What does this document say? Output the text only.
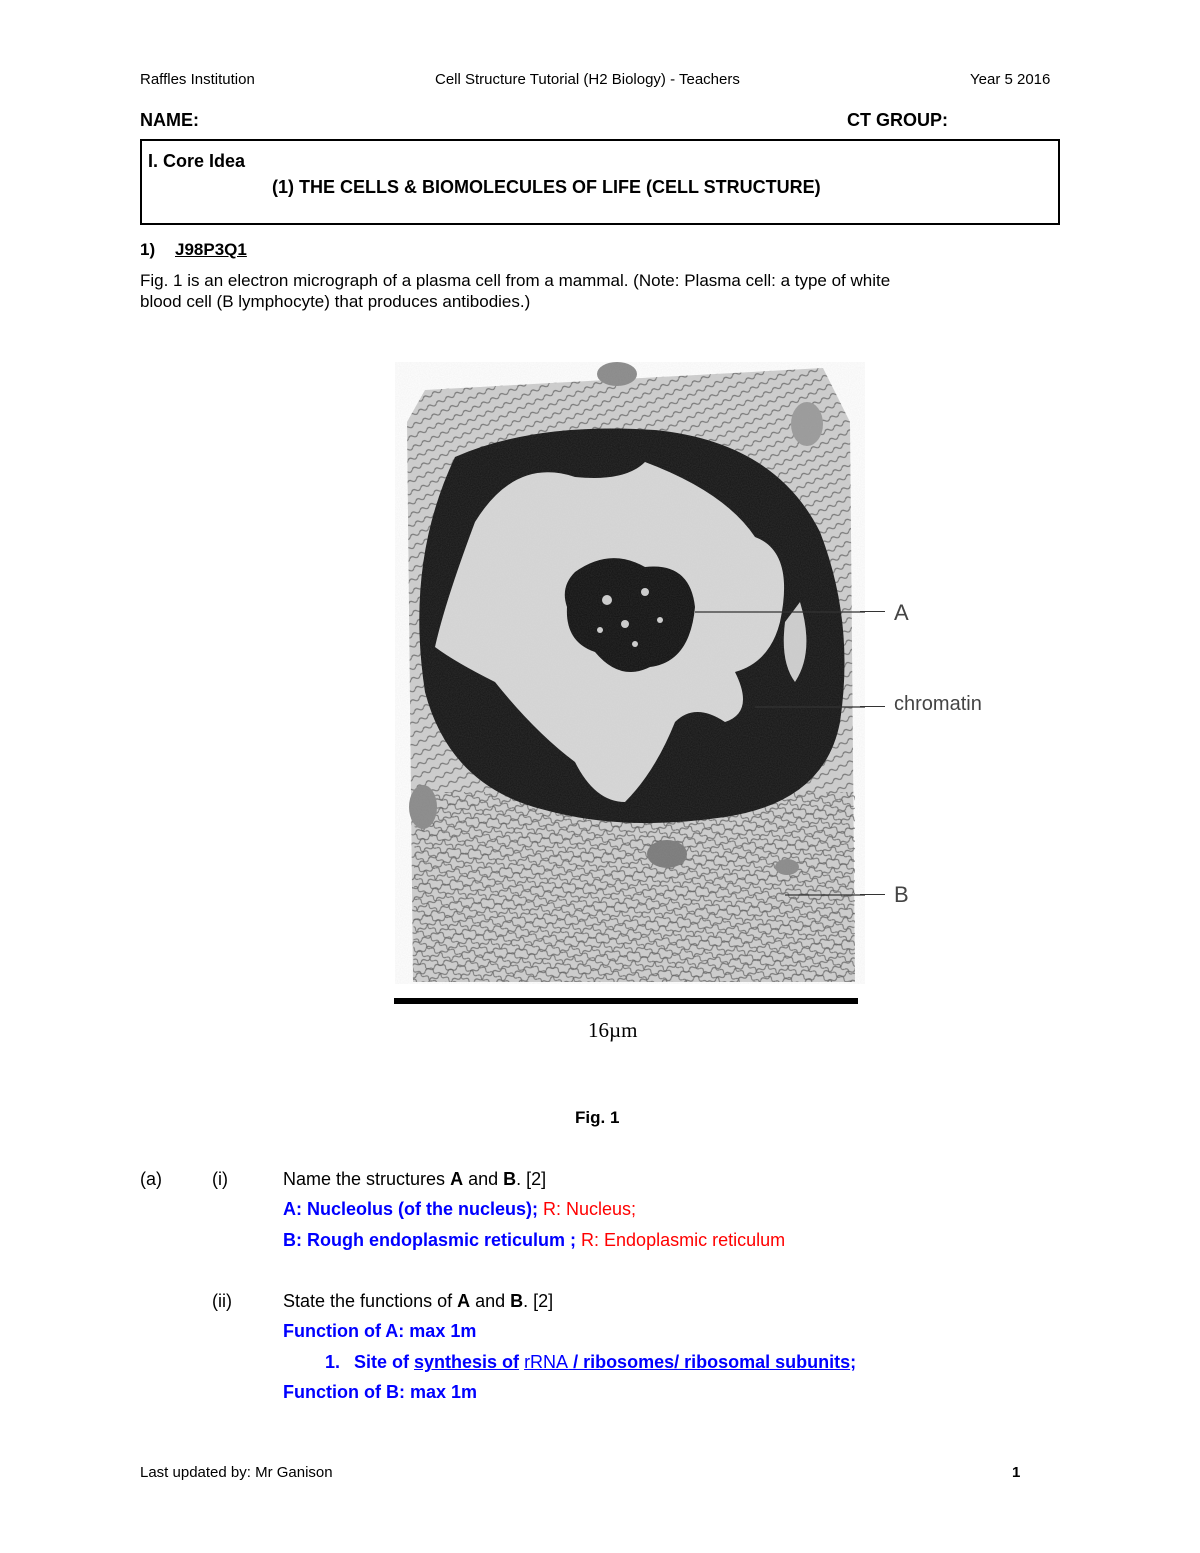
Raffles Institution	Cell Structure Tutorial (H2 Biology) - Teachers	Year 5 2016
NAME:	CT GROUP:
I. Core Idea
(1) THE CELLS & BIOMOLECULES OF LIFE (CELL STRUCTURE)
1) J98P3Q1
Fig. 1 is an electron micrograph of a plasma cell from a mammal. (Note: Plasma cell: a type of white
blood cell (B lymphocyte) that produces antibodies.)
A
chromatin
B
16µm
Fig. 1
(a)	(i)	Name the structures A and B. [2]
A: Nucleolus (of the nucleus); R: Nucleus;
B: Rough endoplasmic reticulum ; R: Endoplasmic reticulum
(ii)	State the functions of A and B. [2]
Function of A: max 1m
1. Site of synthesis of rRNA / ribosomes/ ribosomal subunits;
Function of B: max 1m
Last updated by: Mr Ganison	1
